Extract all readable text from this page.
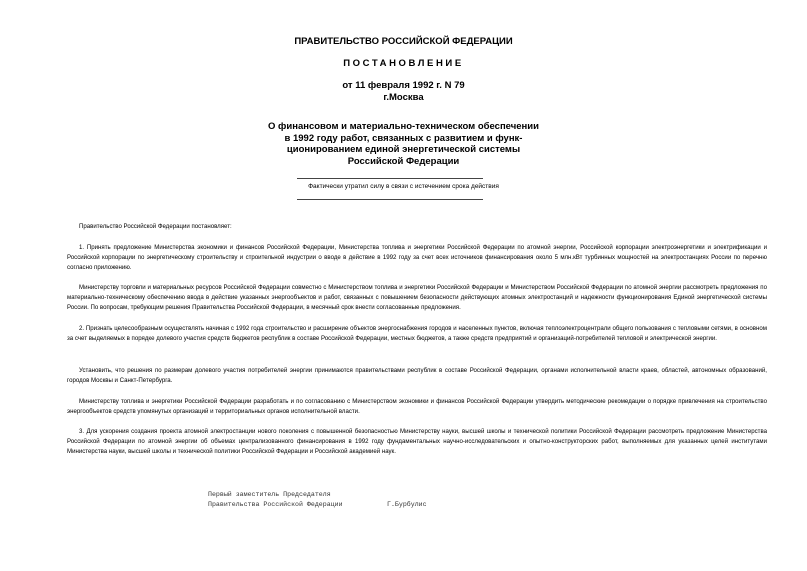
ПРАВИТЕЛЬСТВО РОССИЙСКОЙ ФЕДЕРАЦИИ
ПОСТАНОВЛЕНИЕ
от 11 февраля 1992 г. N 79
г.Москва
О финансовом и материально-техническом обеспечении
в 1992 году работ, связанных с развитием и функ-
ционированием единой энергетической системы
Российской Федерации
Фактически утратил силу в связи с истечением срока действия
Правительство Российской Федерации постановляет:
1. Принять предложение Министерства экономики и финансов Российской Федерации, Министерства топлива и энергетики Российской Федерации по атомной энергии, Российской корпорации электроэнергетики и электрификации и Российской корпорации по энергетическому строительству и строительной индустрии о вводе в действие в 1992 году за счет всех источников финансирования около 5 млн.кВт турбинных мощностей на электростанциях России по перечню согласно приложению.
Министерству торговли и материальных ресурсов Российской Федерации совместно с Министерством топлива и энергетики Российской Федерации и Министерством Российской Федерации по атомной энергии рассмотреть предложения по материально-техническому обеспечению ввода в действие указанных энергообъектов и работ, связанных с повышением безопасности действующих атомных электростанций и надежности функционирования Единой энергетической системы России. По вопросам, требующим решения Правительства Российской Федерации, в месячный срок внести согласованные предложения.
2. Признать целесообразным осуществлять начиная с 1992 года строительство и расширение объектов энергоснабжения городов и населенных пунктов, включая теплоэлектроцентрали общего пользования с тепловыми сетями, в основном за счет выделяемых в порядке долевого участия средств бюджетов республик в составе Российской Федерации, местных бюджетов, а также средств предприятий и организаций-потребителей тепловой и электрической энергии.
Установить, что решения по размерам долевого участия потребителей энергии принимаются правительствами республик в составе Российской Федерации, органами исполнительной власти краев, областей, автономных образований, городов Москвы и Санкт-Петербурга.
Министерству топлива и энергетики Российской Федерации разработать и по согласованию с Министерством экономики и финансов Российской Федерации утвердить методические рекомедации о порядке привлечения на строительство энергообъектов средств упомянутых организаций и территориальных органов исполнительной власти.
3. Для ускорения создания проекта атомной электростанции нового поколения с повышенной безопасностью Министерству науки, высшей школы и технической политики Российской Федерации рассмотреть предложение Министерства Российской Федерации по атомной энергии об объемах централизованного финансирования в 1992 году фундаментальных научно-исследовательских и опытно-конструкторских работ, выполняемых для указанных целей институтами Министерства науки, высшей школы и технической политики Российской Федерации и Российской академией наук.
Первый заместитель Председателя
Правительства Российской Федерации	Г.Бурбулис
